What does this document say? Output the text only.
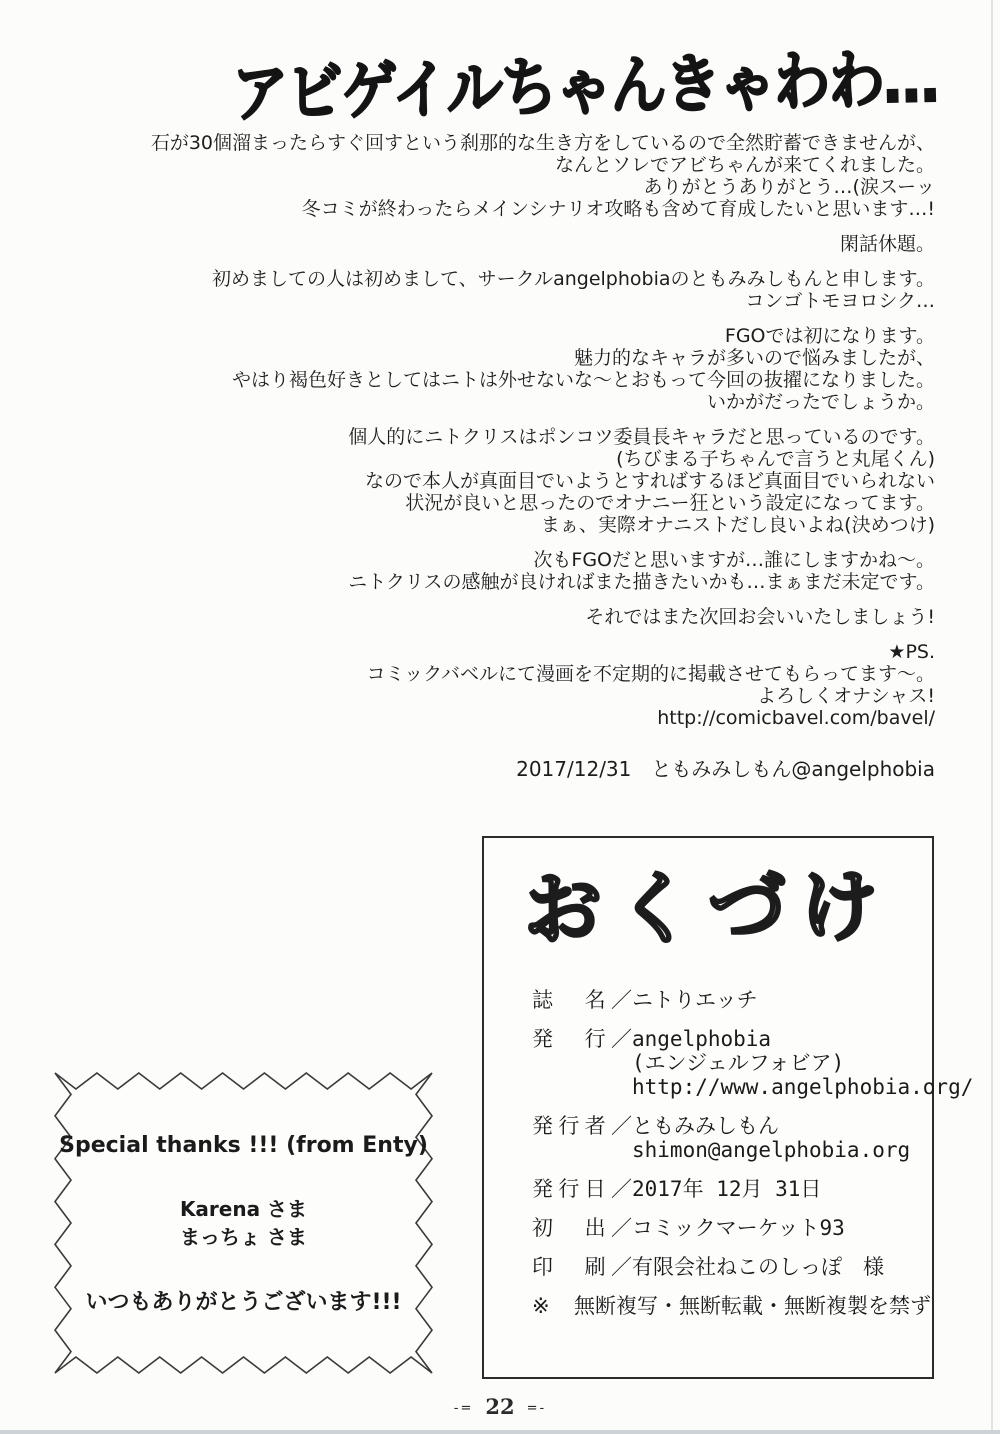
アビゲイルちゃんきゃわわ…
石が30個溜まったらすぐ回すという刹那的な生き方をしているので全然貯蓄できませんが、
なんとソレでアビちゃんが来てくれました。
ありがとうありがとう…(涙スーッ
冬コミが終わったらメインシナリオ攻略も含めて育成したいと思います…!
閑話休題。
初めましての人は初めまして、サークルangelphobiaのともみみしもんと申します。
コンゴトモヨロシク…
FGOでは初になります。
魅力的なキャラが多いので悩みましたが、
やはり褐色好きとしてはニトは外せないな〜とおもって今回の抜擢になりました。
いかがだったでしょうか。
個人的にニトクリスはポンコツ委員長キャラだと思っているのです。
(ちびまる子ちゃんで言うと丸尾くん)
なので本人が真面目でいようとすればするほど真面目でいられない
状況が良いと思ったのでオナニー狂という設定になってます。
まぁ、実際オナニストだし良いよね(決めつけ)
次もFGOだと思いますが…誰にしますかね〜。
ニトクリスの感触が良ければまた描きたいかも…まぁまだ未定です。
それではまた次回お会いいたしましょう!
★PS.
コミックバベルにて漫画を不定期的に掲載させてもらってます〜。
よろしくオナシャス!
http://comicbavel.com/bavel/
2017/12/31　ともみみしもん@angelphobia
おくづけ
誌　名／ ニトりエッチ
発　行／ angelphobia
(エンジェルフォビア)
http://www.angelphobia.org/
発行者／ ともみみしもん
shimon@angelphobia.org
発行日／ 2017年 12月 31日
初　出／ コミックマーケット93
印　刷／ 有限会社ねこのしっぽ　様
※	無断複写・無断転載・無断複製を禁ず
Special thanks !!! (from Enty)
Karena さま
まっちょ さま
いつもありがとうございます!!!
-= 22 =-
